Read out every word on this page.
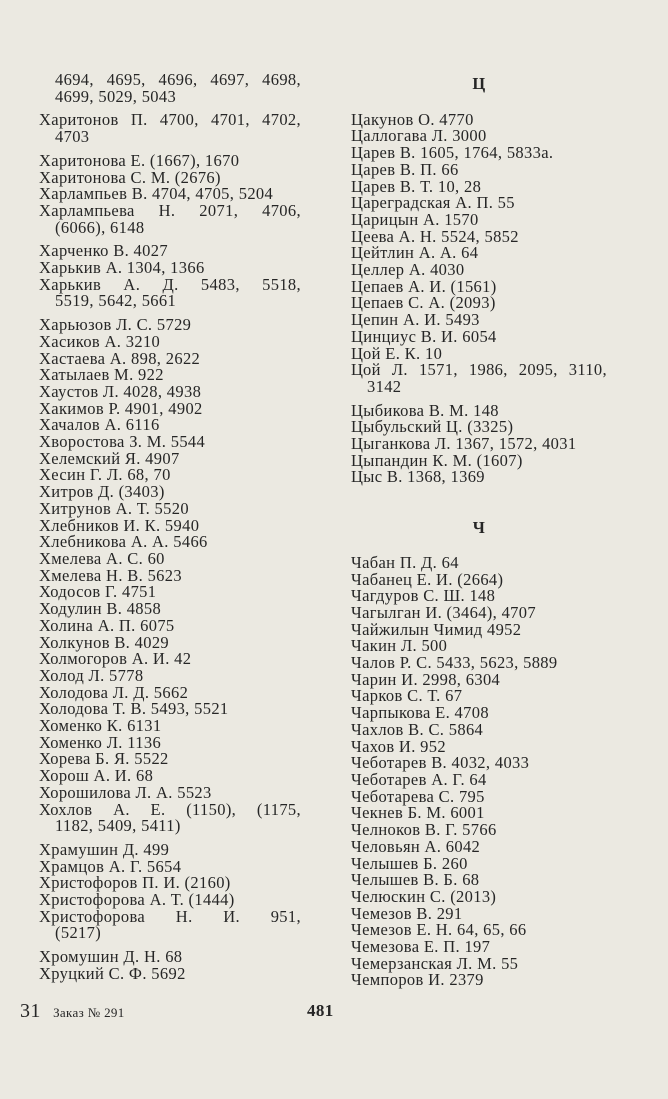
4694, 4695, 4696, 4697, 4698,
4699, 5029, 5043
Харитонов П. 4700, 4701, 4702,
4703
Харитонова Е. (1667), 1670
Харитонова С. М. (2676)
Харлампьев В. 4704, 4705, 5204
Харлампьева Н. 2071, 4706,
(6066), 6148
Харченко В. 4027
Харькив А. 1304, 1366
Харькив А. Д. 5483, 5518,
5519, 5642, 5661
Харьюзов Л. С. 5729
Хасиков А. 3210
Хастаева А. 898, 2622
Хатылаев М. 922
Хаустов Л. 4028, 4938
Хакимов Р. 4901, 4902
Хачалов А. 6116
Хворостова З. М. 5544
Хелемский Я. 4907
Хесин Г. Л. 68, 70
Хитров Д. (3403)
Хитрунов А. Т. 5520
Хлебников И. К. 5940
Хлебникова А. А. 5466
Хмелева А. С. 60
Хмелева Н. В. 5623
Ходосов Г. 4751
Ходулин В. 4858
Холина А. П. 6075
Холкунов В. 4029
Холмогоров А. И. 42
Холод Л. 5778
Холодова Л. Д. 5662
Холодова Т. В. 5493, 5521
Хоменко К. 6131
Хоменко Л. 1136
Хорева Б. Я. 5522
Хорош А. И. 68
Хорошилова Л. А. 5523
Хохлов А. Е. (1150), (1175,
1182, 5409, 5411)
Храмушин Д. 499
Храмцов А. Г. 5654
Христофоров П. И. (2160)
Христофорова А. Т. (1444)
Христофорова Н. И. 951,
(5217)
Хромушин Д. Н. 68
Хруцкий С. Ф. 5692
Ц
Цакунов О. 4770
Цаллогава Л. 3000
Царев В. 1605, 1764, 5833а.
Царев В. П. 66
Царев В. Т. 10, 28
Цареградская А. П. 55
Царицын А. 1570
Цеева А. Н. 5524, 5852
Цейтлин А. А. 64
Целлер А. 4030
Цепаев А. И. (1561)
Цепаев С. А. (2093)
Цепин А. И. 5493
Цинциус В. И. 6054
Цой Е. К. 10
Цой Л. 1571, 1986, 2095, 3110,
3142
Цыбикова В. М. 148
Цыбульский Ц. (3325)
Цыганкова Л. 1367, 1572, 4031
Цыпандин К. М. (1607)
Цыс В. 1368, 1369
Ч
Чабан П. Д. 64
Чабанец Е. И. (2664)
Чагдуров С. Ш. 148
Чагылган И. (3464), 4707
Чайжилын Чимид 4952
Чакин Л. 500
Чалов Р. С. 5433, 5623, 5889
Чарин И. 2998, 6304
Чарков С. Т. 67
Чарпыкова Е. 4708
Чахлов В. С. 5864
Чахов И. 952
Чеботарев В. 4032, 4033
Чеботарев А. Г. 64
Чеботарева С. 795
Чекнев Б. М. 6001
Челноков В. Г. 5766
Человьян А. 6042
Челышев Б. 260
Челышев В. Б. 68
Челюскин С. (2013)
Чемезов В. 291
Чемезов Е. Н. 64, 65, 66
Чемезова Е. П. 197
Чемерзанская Л. М. 55
Чемпоров И. 2379
31 Заказ № 291	481
